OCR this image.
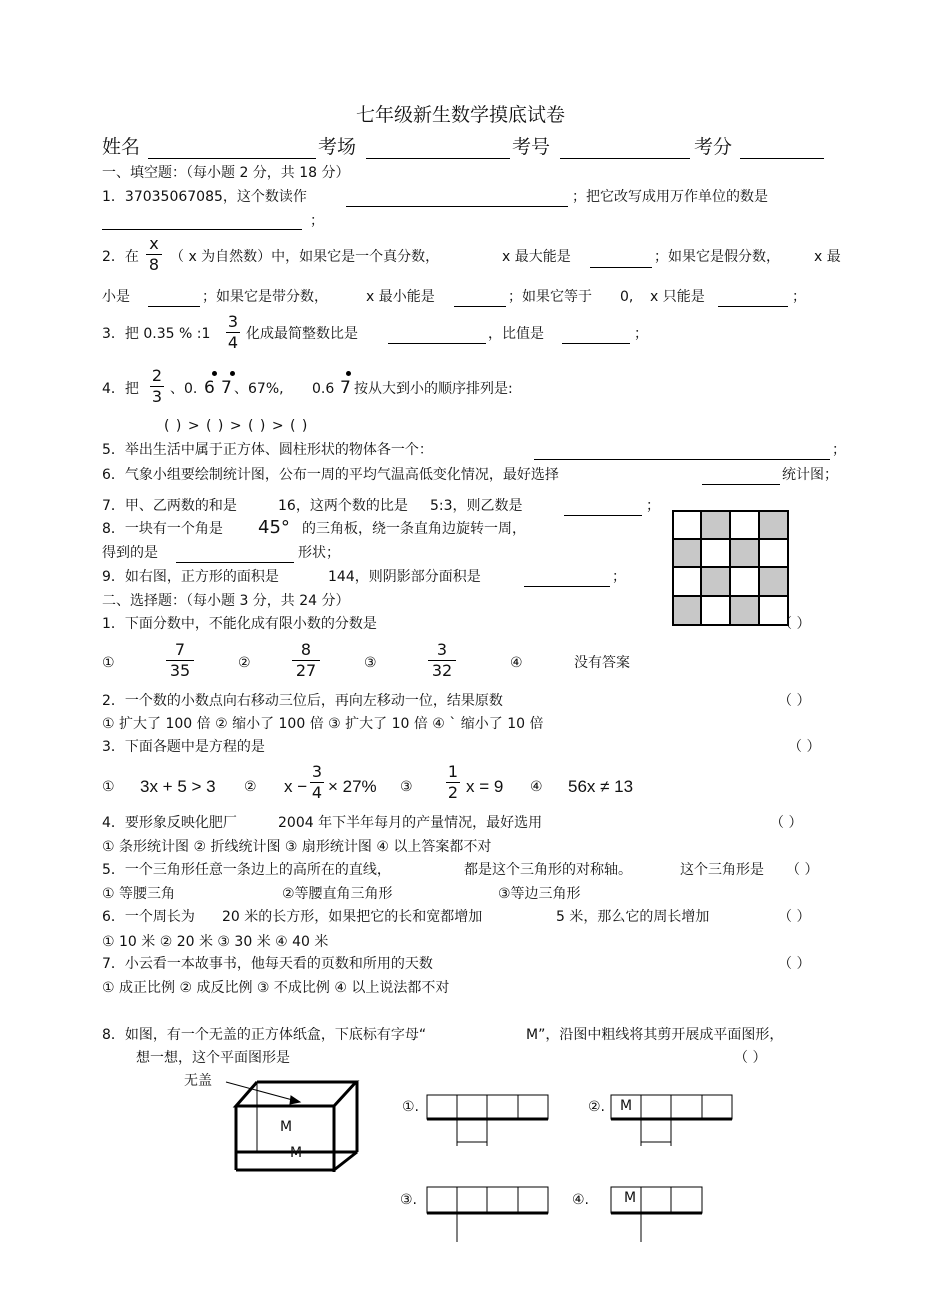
七年级新生数学摸底试卷
姓名	考场	考号	考分
一、填空题：（每小题 2 分，共 18 分）
1．37035067085，这个数读作	；把它改写成用万作单位的数是
；
2．在
x
8 （ x 为自然数）中，如果它是一个真分数，	x 最大能是	；如果它是假分数， x 最
小是	；如果它是带分数，	x 最小能是	；如果它等于 0, x 只能是	；
3．把 0.35 % :1
3
4 化成最简整数比是	，比值是	；
4．把
2
3 、0. 6 7 、67%, 0.6 7 按从大到小的顺序排列是:
( ) > ( ) > ( ) > ( )
5．举出生活中属于正方体、圆柱形状的物体各一个：	；
6．气象小组要绘制统计图，公布一周的平均气温高低变化情况，最好选择	统计图；
7．甲、乙两数的和是	16，这两个数的比是 5:3，则乙数是	；
8．一块有一个角是 45° 的三角板，绕一条直角边旋转一周，
得到的是	形状；
9．如右图，正方形的面积是	144，则阴影部分面积是	；
二、选择题：（每小题 3 分，共 24 分）
1．下面分数中，不能化成有限小数的分数是	（ ）
①
7
35	②
8
27	③
3
32	④	没有答案
2．一个数的小数点向右移动三位后，再向左移动一位，结果原数	（ ）
① 扩大了 100 倍 ② 缩小了 100 倍 ③ 扩大了 10 倍 ④ ` 缩小了 10 倍
3．下面各题中是方程的是	（ ）
① 3x + 5 > 3 ② x −
3
4 × 27% ③
1
2 x = 9 ④ 56x ≠ 13
4．要形象反映化肥厂	2004 年下半年每月的产量情况，最好选用	（ ）
① 条形统计图 ② 折线统计图 ③ 扇形统计图 ④ 以上答案都不对
5．一个三角形任意一条边上的高所在的直线，	都是这个三角形的对称轴。	这个三角形是 （ ）
① 等腰三角	②等腰直角三角形	③等边三角形
6．一个周长为 20 米的长方形，如果把它的长和宽都增加	5 米，那么它的周长增加	（ ）
① 10 米 ② 20 米 ③ 30 米 ④ 40 米
7．小云看一本故事书，他每天看的页数和所用的天数	（ ）
① 成正比例 ② 成反比例 ③ 不成比例 ④ 以上说法都不对
8．如图，有一个无盖的正方体纸盒，下底标有字母“	M”，沿图中粗线将其剪开展成平面图形，
想一想，这个平面图形是	（ ）
无盖
M
M
①.	②. M
③.	④. M
